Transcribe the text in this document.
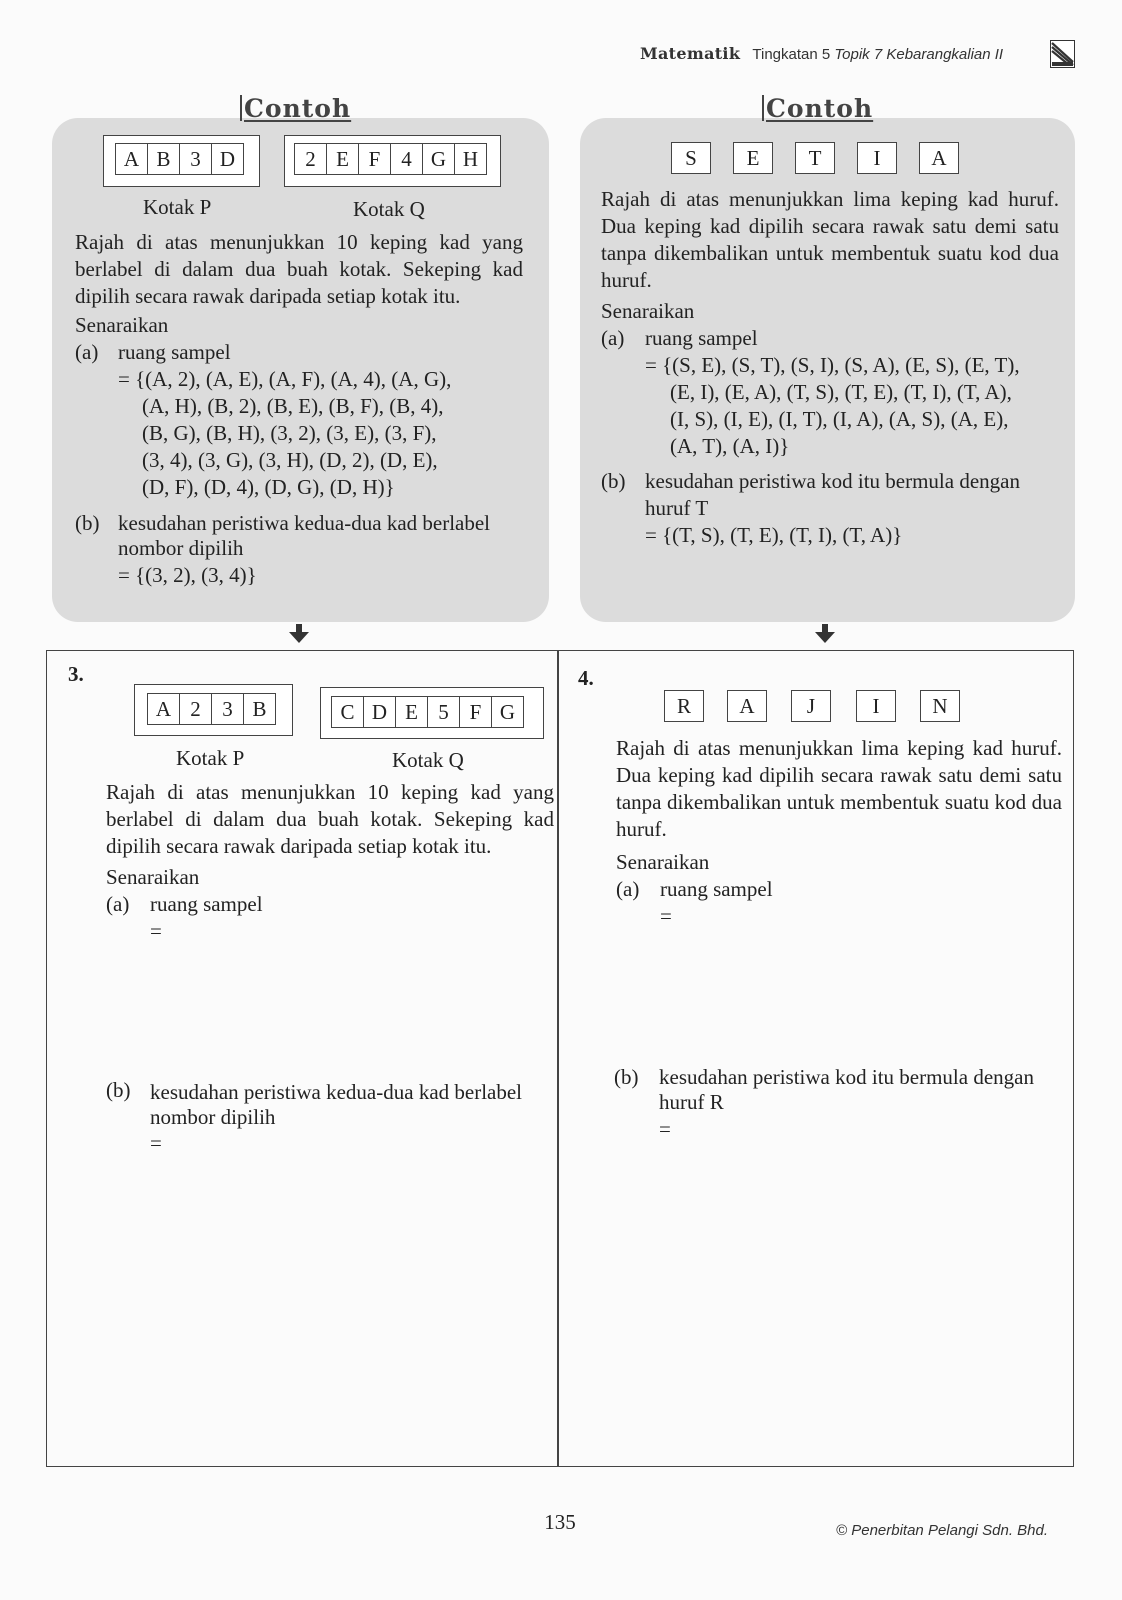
Matematik Tingkatan 5 Topik 7 Kebarangkalian II
Contoh
A B 3 D	2 E F 4 G H
Kotak P	Kotak Q
Rajah di atas menunjukkan 10 keping kad yang berlabel di dalam dua buah kotak. Sekeping kad dipilih secara rawak daripada setiap kotak itu.
Senaraikan
(a) ruang sampel
= {(A, 2), (A, E), (A, F), (A, 4), (A, G),
(A, H), (B, 2), (B, E), (B, F), (B, 4),
(B, G), (B, H), (3, 2), (3, E), (3, F),
(3, 4), (3, G), (3, H), (D, 2), (D, E),
(D, F), (D, 4), (D, G), (D, H)}
(b) kesudahan peristiwa kedua-dua kad berlabel
nombor dipilih
= {(3, 2), (3, 4)}
Contoh
S	E	T	I	A
Rajah di atas menunjukkan lima keping kad huruf. Dua keping kad dipilih secara rawak satu demi satu tanpa dikembalikan untuk membentuk suatu kod dua huruf.
Senaraikan
(a) ruang sampel
= {(S, E), (S, T), (S, I), (S, A), (E, S), (E, T),
(E, I), (E, A), (T, S), (T, E), (T, I), (T, A),
(I, S), (I, E), (I, T), (I, A), (A, S), (A, E),
(A, T), (A, I)}
(b) kesudahan peristiwa kod itu bermula dengan
huruf T
= {(T, S), (T, E), (T, I), (T, A)}
3.
A 2	3 B	C D E 5 F G
Kotak P	Kotak Q
Rajah di atas menunjukkan 10 keping kad yang berlabel di dalam dua buah kotak. Sekeping kad dipilih secara rawak daripada setiap kotak itu.
Senaraikan
(a) ruang sampel
=
(b) kesudahan peristiwa kedua-dua kad berlabel
nombor dipilih
=
4.
R	A	J	I	N
Rajah di atas menunjukkan lima keping kad huruf. Dua keping kad dipilih secara rawak satu demi satu tanpa dikembalikan untuk membentuk suatu kod dua huruf.
Senaraikan
(a) ruang sampel
=
(b) kesudahan peristiwa kod itu bermula dengan
huruf R
=
135	© Penerbitan Pelangi Sdn. Bhd.
